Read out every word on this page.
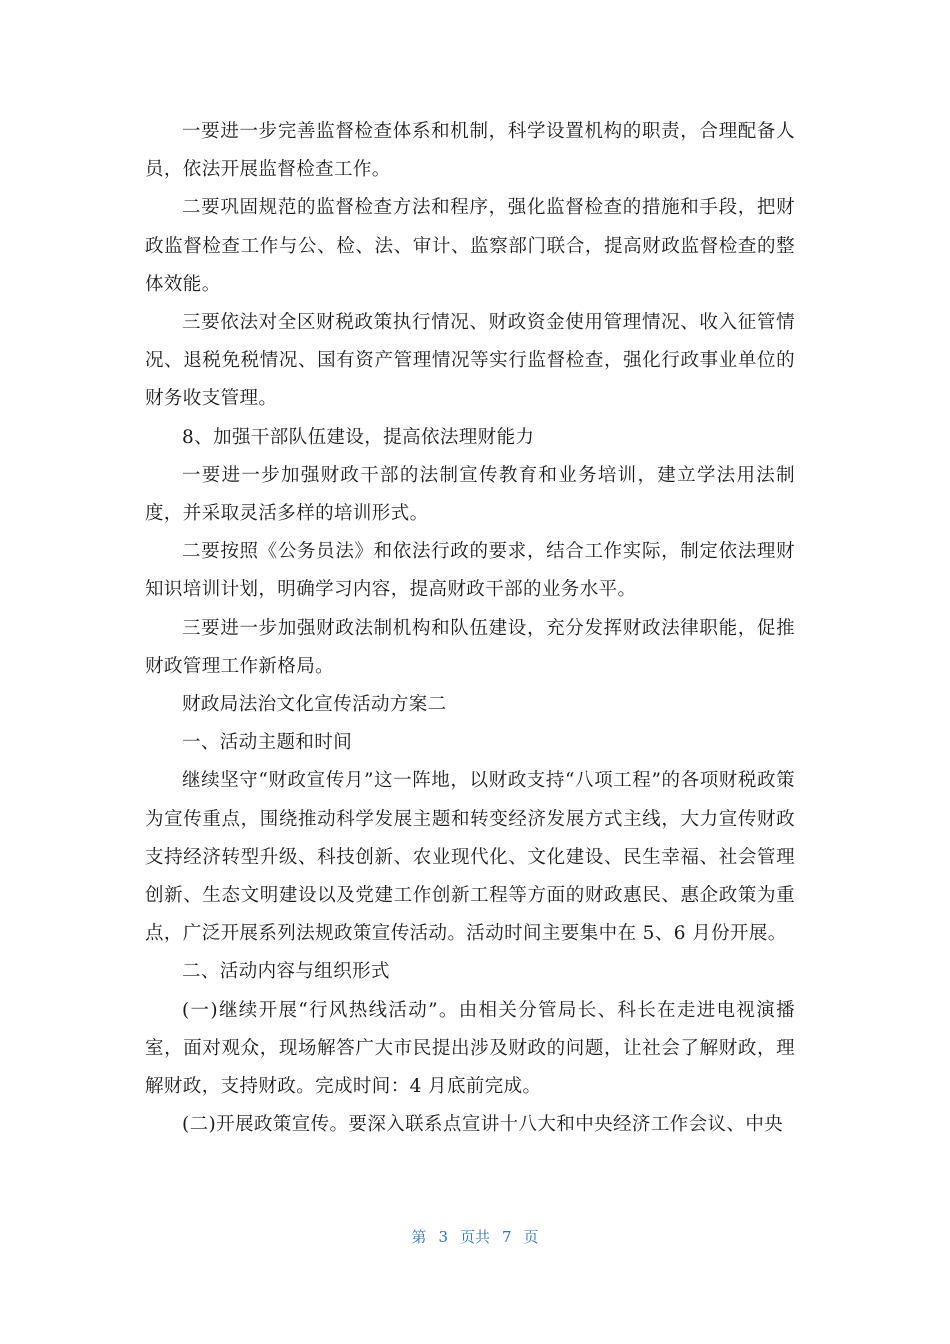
一要进一步完善监督检查体系和机制，科学设置机构的职责，合理配备人员，依法开展监督检查工作。

二要巩固规范的监督检查方法和程序，强化监督检查的措施和手段，把财政监督检查工作与公、检、法、审计、监察部门联合，提高财政监督检查的整体效能。

三要依法对全区财税政策执行情况、财政资金使用管理情况、收入征管情况、退税免税情况、国有资产管理情况等实行监督检查，强化行政事业单位的财务收支管理。

8、加强干部队伍建设，提高依法理财能力

一要进一步加强财政干部的法制宣传教育和业务培训，建立学法用法制度，并采取灵活多样的培训形式。

二要按照《公务员法》和依法行政的要求，结合工作实际，制定依法理财知识培训计划，明确学习内容，提高财政干部的业务水平。

三要进一步加强财政法制机构和队伍建设，充分发挥财政法律职能，促推财政管理工作新格局。

财政局法治文化宣传活动方案二

一、活动主题和时间

继续坚守“财政宣传月”这一阵地，以财政支持“八项工程”的各项财税政策为宣传重点，围绕推动科学发展主题和转变经济发展方式主线，大力宣传财政支持经济转型升级、科技创新、农业现代化、文化建设、民生幸福、社会管理创新、生态文明建设以及党建工作创新工程等方面的财政惠民、惠企政策为重点，广泛开展系列法规政策宣传活动。活动时间主要集中在 5、6 月份开展。

二、活动内容与组织形式

(一)继续开展“行风热线活动”。由相关分管局长、科长在走进电视演播室，面对观众，现场解答广大市民提出涉及财政的问题，让社会了解财政，理解财政，支持财政。完成时间：4 月底前完成。

(二)开展政策宣传。要深入联系点宣讲十八大和中央经济工作会议、中央

第 3 页共 7 页
